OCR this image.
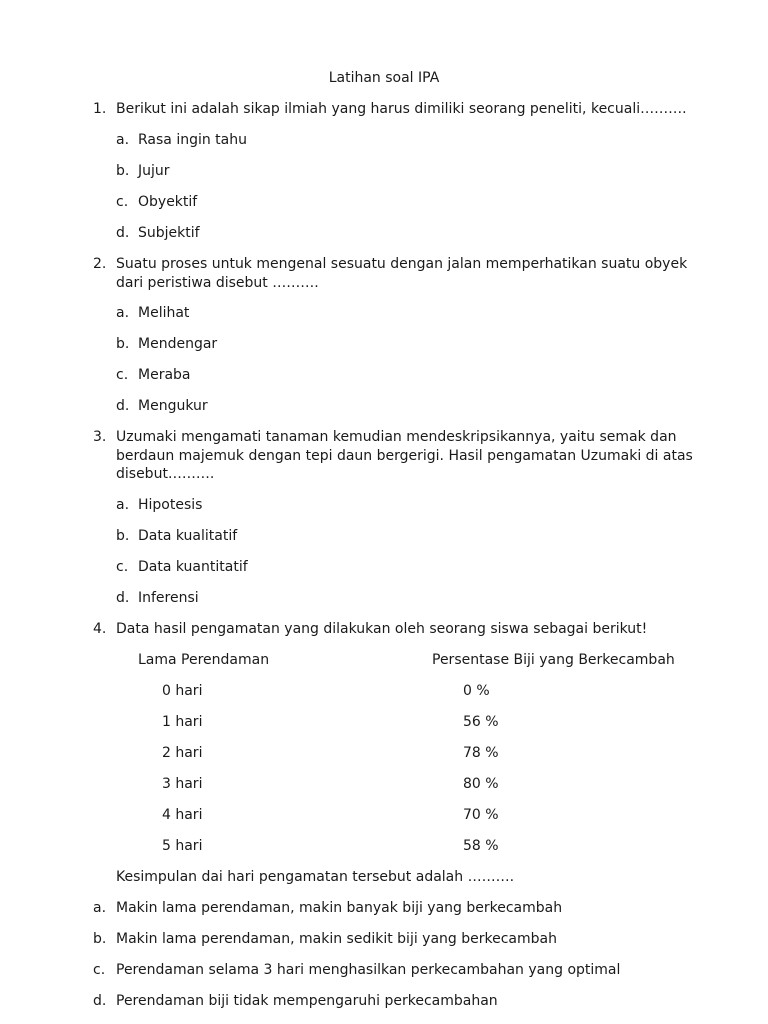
Latihan soal IPA
1. Berikut ini adalah sikap ilmiah yang harus dimiliki seorang peneliti, kecuali……….
a. Rasa ingin tahu
b. Jujur
c. Obyektif
d. Subjektif
2. Suatu proses untuk mengenal sesuatu dengan jalan memperhatikan suatu obyek dari peristiwa disebut ……….
a. Melihat
b. Mendengar
c. Meraba
d. Mengukur
3. Uzumaki mengamati tanaman kemudian mendeskripsikannya, yaitu semak dan berdaun majemuk dengan tepi daun bergerigi. Hasil pengamatan Uzumaki di atas disebut……….
a. Hipotesis
b. Data kualitatif
c. Data kuantitatif
d. Inferensi
4. Data hasil pengamatan yang dilakukan oleh seorang siswa sebagai berikut!
Lama Perendaman	Persentase Biji yang Berkecambah
0 hari	0 %
1 hari	56 %
2 hari	78 %
3 hari	80 %
4 hari	70 %
5 hari	58 %
Kesimpulan dai hari pengamatan tersebut adalah ……….
a. Makin lama perendaman, makin banyak biji yang berkecambah
b. Makin lama perendaman, makin sedikit biji yang berkecambah
c. Perendaman selama 3 hari menghasilkan perkecambahan yang optimal
d. Perendaman biji tidak mempengaruhi perkecambahan
